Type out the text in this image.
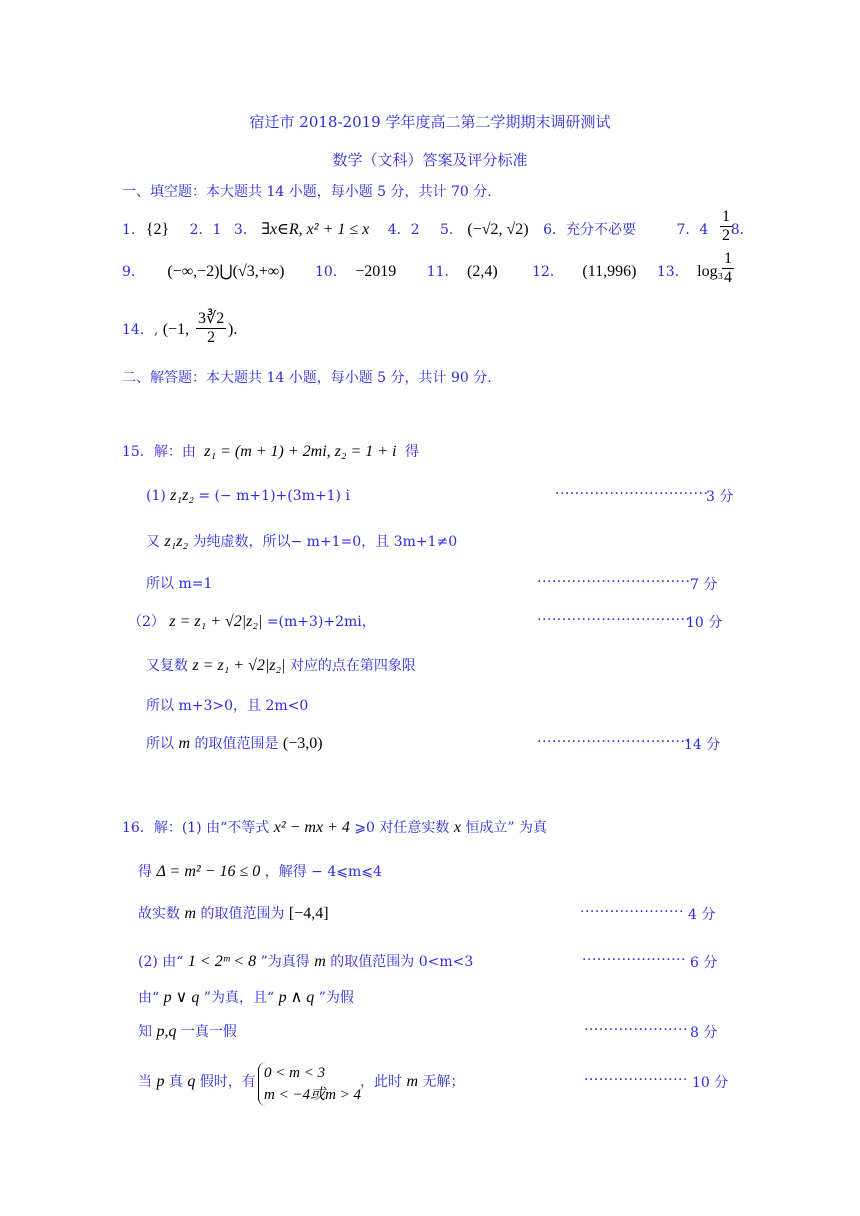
宿迁市 2018-2019 学年度高二第二学期期末调研测试
数学（文科）答案及评分标准
一、填空题：本大题共 14 小题，每小题 5 分，共计 70 分.
1. {2} 2．1 3． ∃x∈R, x² + 1 ≤ x 4．2 5． (−√2, √2) 6．充分不必要	7．4 8．
$\frac{1}{2}$
9． (−∞,−2)⋃(√3,+∞) 10． −2019 11． (2,4) 12． (11,996) 13． log₃
$\frac{1}{4}$
14．, (−1, $\frac{3∛2}{2}$ ).
二、解答题：本大题共 14 小题，每小题 5 分，共计 90 分.
15．解：由 z₁ = (m + 1) + 2mi, z₂ = 1 + i 得
(1) z₁z₂ = (− m+1)+(3m+1) i	·······························
3 分
又 z₁z₂ 为纯虚数，所以− m+1=0，且 3m+1≠0
所以 m=1	······························· 7 分
（2） z = z₁ + √2|z₂| =(m+3)+2mi，	·······························
10 分
又复数 z = z₁ + √2|z₂| 对应的点在第四象限
所以 m+3>0，且 2m<0
所以 m 的取值范围是 (−3,0)	·······························
14 分
16．解：(1) 由“不等式 x² − mx + 4 ⩾0 对任意实数 x 恒成立” 为真
得 Δ = m² − 16 ≤ 0 ，解得 − 4⩽m⩽4
故实数 m 的取值范围为 [−4,4]	····················· 4 分
(2) 由“ 1 < 2ᵐ < 8 ”为真得 m 的取值范围为 0<m<3	····················· 6 分
由“ p ∨ q ”为真，且“ p ∧ q ”为假
知 p,q 一真一假	····················· 8 分
当 p 真 q 假时，有
0 < m < 3
m < −4或m > 4
，此时 m 无解；	····················· 10 分
